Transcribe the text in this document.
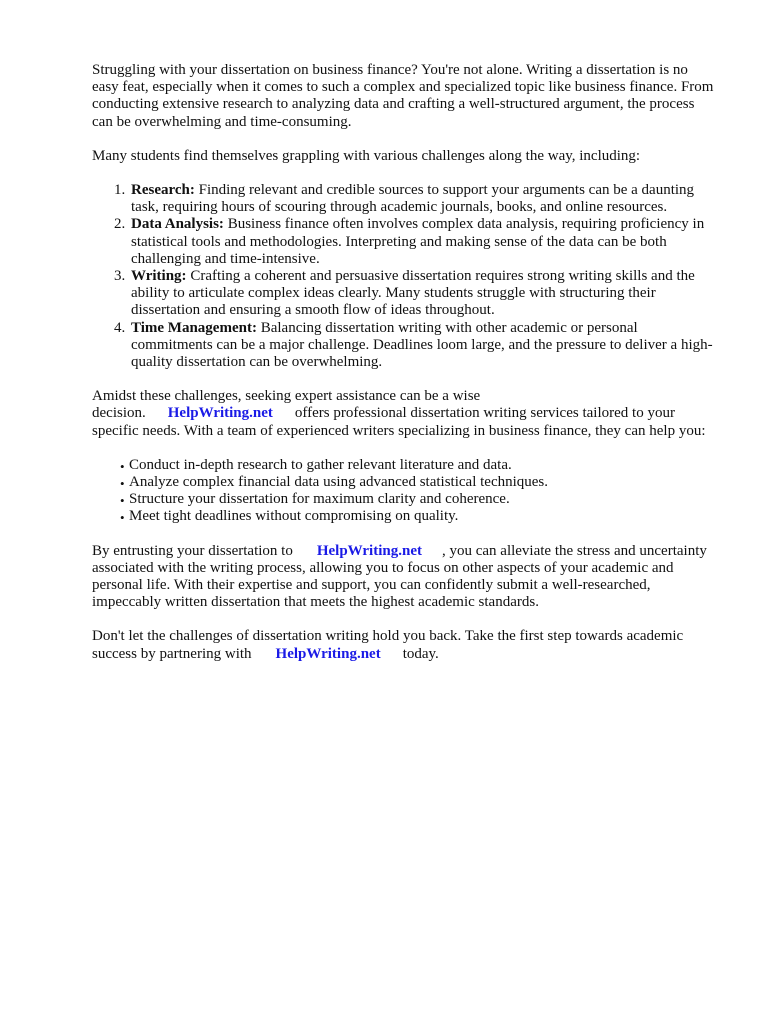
Struggling with your dissertation on business finance? You're not alone. Writing a dissertation is no easy feat, especially when it comes to such a complex and specialized topic like business finance. From conducting extensive research to analyzing data and crafting a well-structured argument, the process can be overwhelming and time-consuming.

Many students find themselves grappling with various challenges along the way, including:

1. Research: Finding relevant and credible sources to support your arguments can be a daunting task, requiring hours of scouring through academic journals, books, and online resources.
2. Data Analysis: Business finance often involves complex data analysis, requiring proficiency in statistical tools and methodologies. Interpreting and making sense of the data can be both challenging and time-intensive.
3. Writing: Crafting a coherent and persuasive dissertation requires strong writing skills and the ability to articulate complex ideas clearly. Many students struggle with structuring their dissertation and ensuring a smooth flow of ideas throughout.
4. Time Management: Balancing dissertation writing with other academic or personal commitments can be a major challenge. Deadlines loom large, and the pressure to deliver a high-quality dissertation can be overwhelming.

Amidst these challenges, seeking expert assistance can be a wise decision. HelpWriting.net offers professional dissertation writing services tailored to your specific needs. With a team of experienced writers specializing in business finance, they can help you:

• Conduct in-depth research to gather relevant literature and data.
• Analyze complex financial data using advanced statistical techniques.
• Structure your dissertation for maximum clarity and coherence.
• Meet tight deadlines without compromising on quality.

By entrusting your dissertation to HelpWriting.net , you can alleviate the stress and uncertainty associated with the writing process, allowing you to focus on other aspects of your academic and personal life. With their expertise and support, you can confidently submit a well-researched, impeccably written dissertation that meets the highest academic standards.

Don't let the challenges of dissertation writing hold you back. Take the first step towards academic success by partnering with HelpWriting.net today.
